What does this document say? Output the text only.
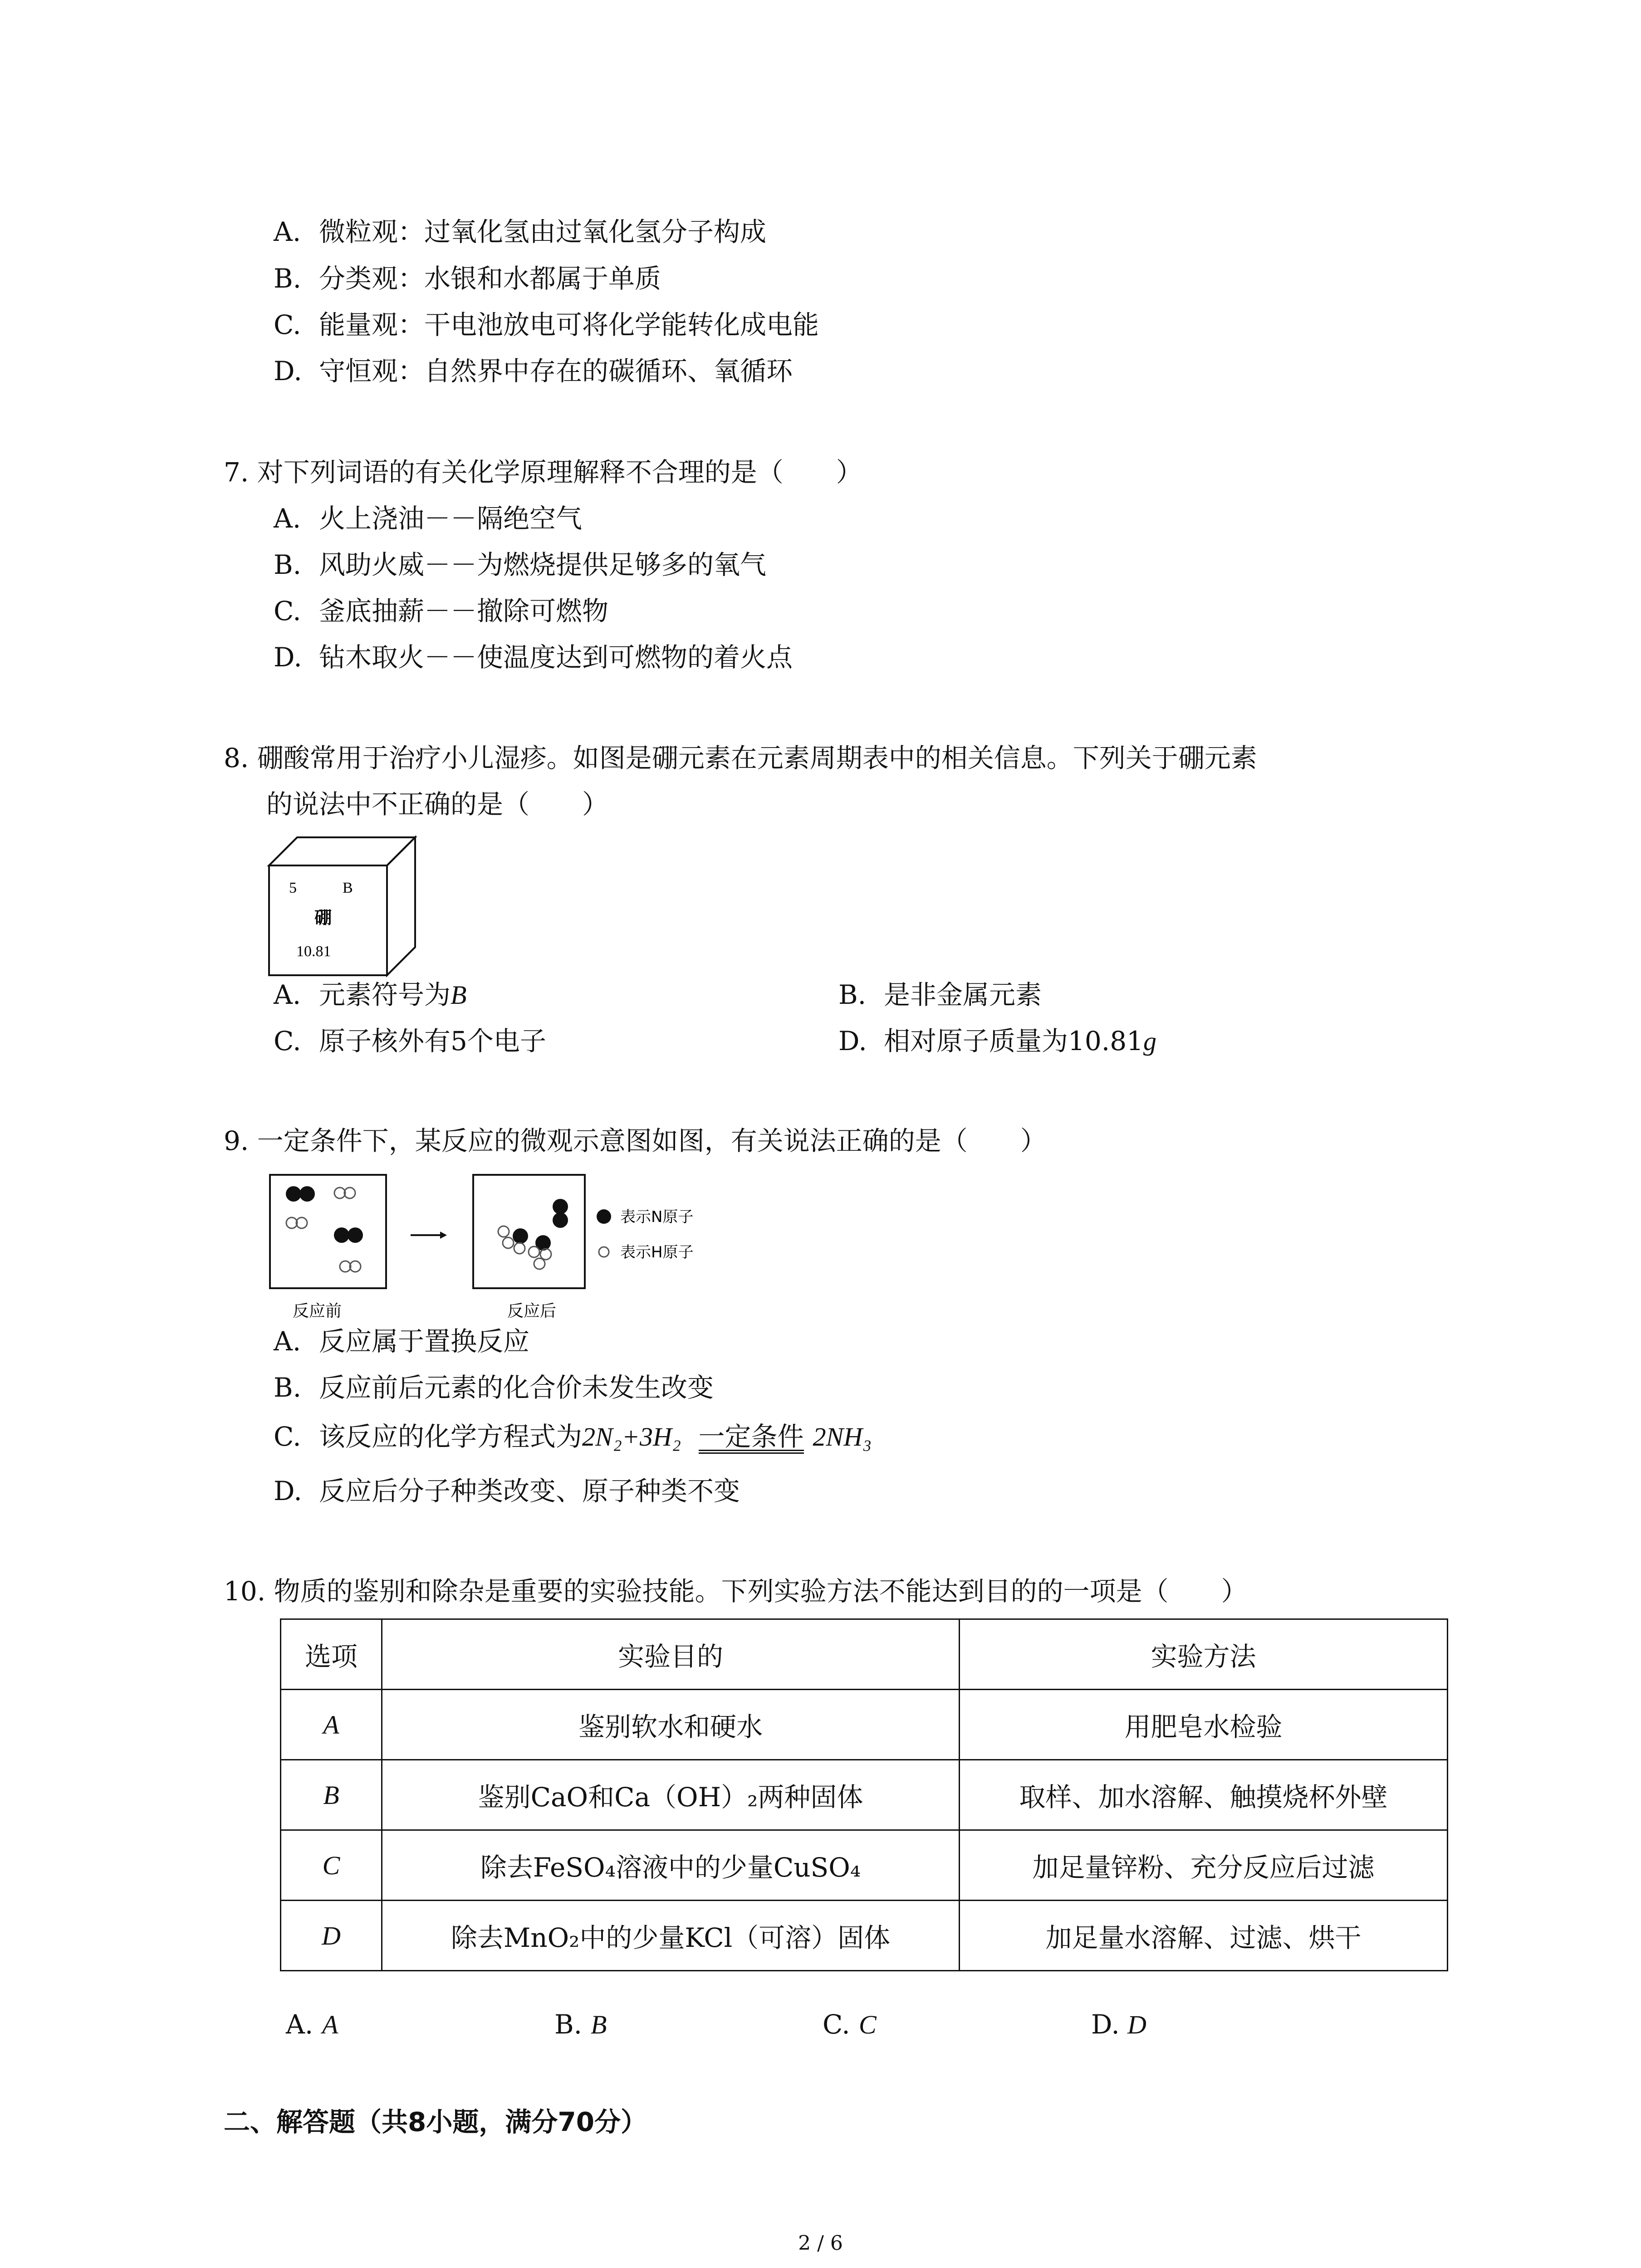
A. 微粒观：过氧化氢由过氧化氢分子构成
B. 分类观：水银和水都属于单质
C. 能量观：干电池放电可将化学能转化成电能
D. 守恒观：自然界中存在的碳循环、氧循环
7. 对下列词语的有关化学原理解释不合理的是（　　）
A. 火上浇油－－隔绝空气
B. 风助火威－－为燃烧提供足够多的氧气
C. 釜底抽薪－－撤除可燃物
D. 钻木取火－－使温度达到可燃物的着火点
8. 硼酸常用于治疗小儿湿疹。如图是硼元素在元素周期表中的相关信息。下列关于硼元素
的说法中不正确的是（　　）
5	B
硼
10.81
A. 元素符号为B	B. 是非金属元素
C. 原子核外有5个电子	D. 相对原子质量为10.81g
9. 一定条件下，某反应的微观示意图如图，有关说法正确的是（　　）
表示N原子
表示H原子
反应前	反应后
A. 反应属于置换反应
B. 反应前后元素的化合价未发生改变
C. 该反应的化学方程式为2N₂+3H₂ 一定条件 2NH₃
D. 反应后分子种类改变、原子种类不变
10. 物质的鉴别和除杂是重要的实验技能。下列实验方法不能达到目的的一项是（　　）
选项	实验目的	实验方法
A	鉴别软水和硬水	用肥皂水检验
B	鉴别CaO和Ca（OH）₂两种固体	取样、加水溶解、触摸烧杯外壁
C	除去FeSO₄溶液中的少量CuSO₄	加足量锌粉、充分反应后过滤
D	除去MnO₂中的少量KCl（可溶）固体	加足量水溶解、过滤、烘干
A. A	B. B	C. C	D. D
二、解答题（共8小题，满分70分）
2 / 6
